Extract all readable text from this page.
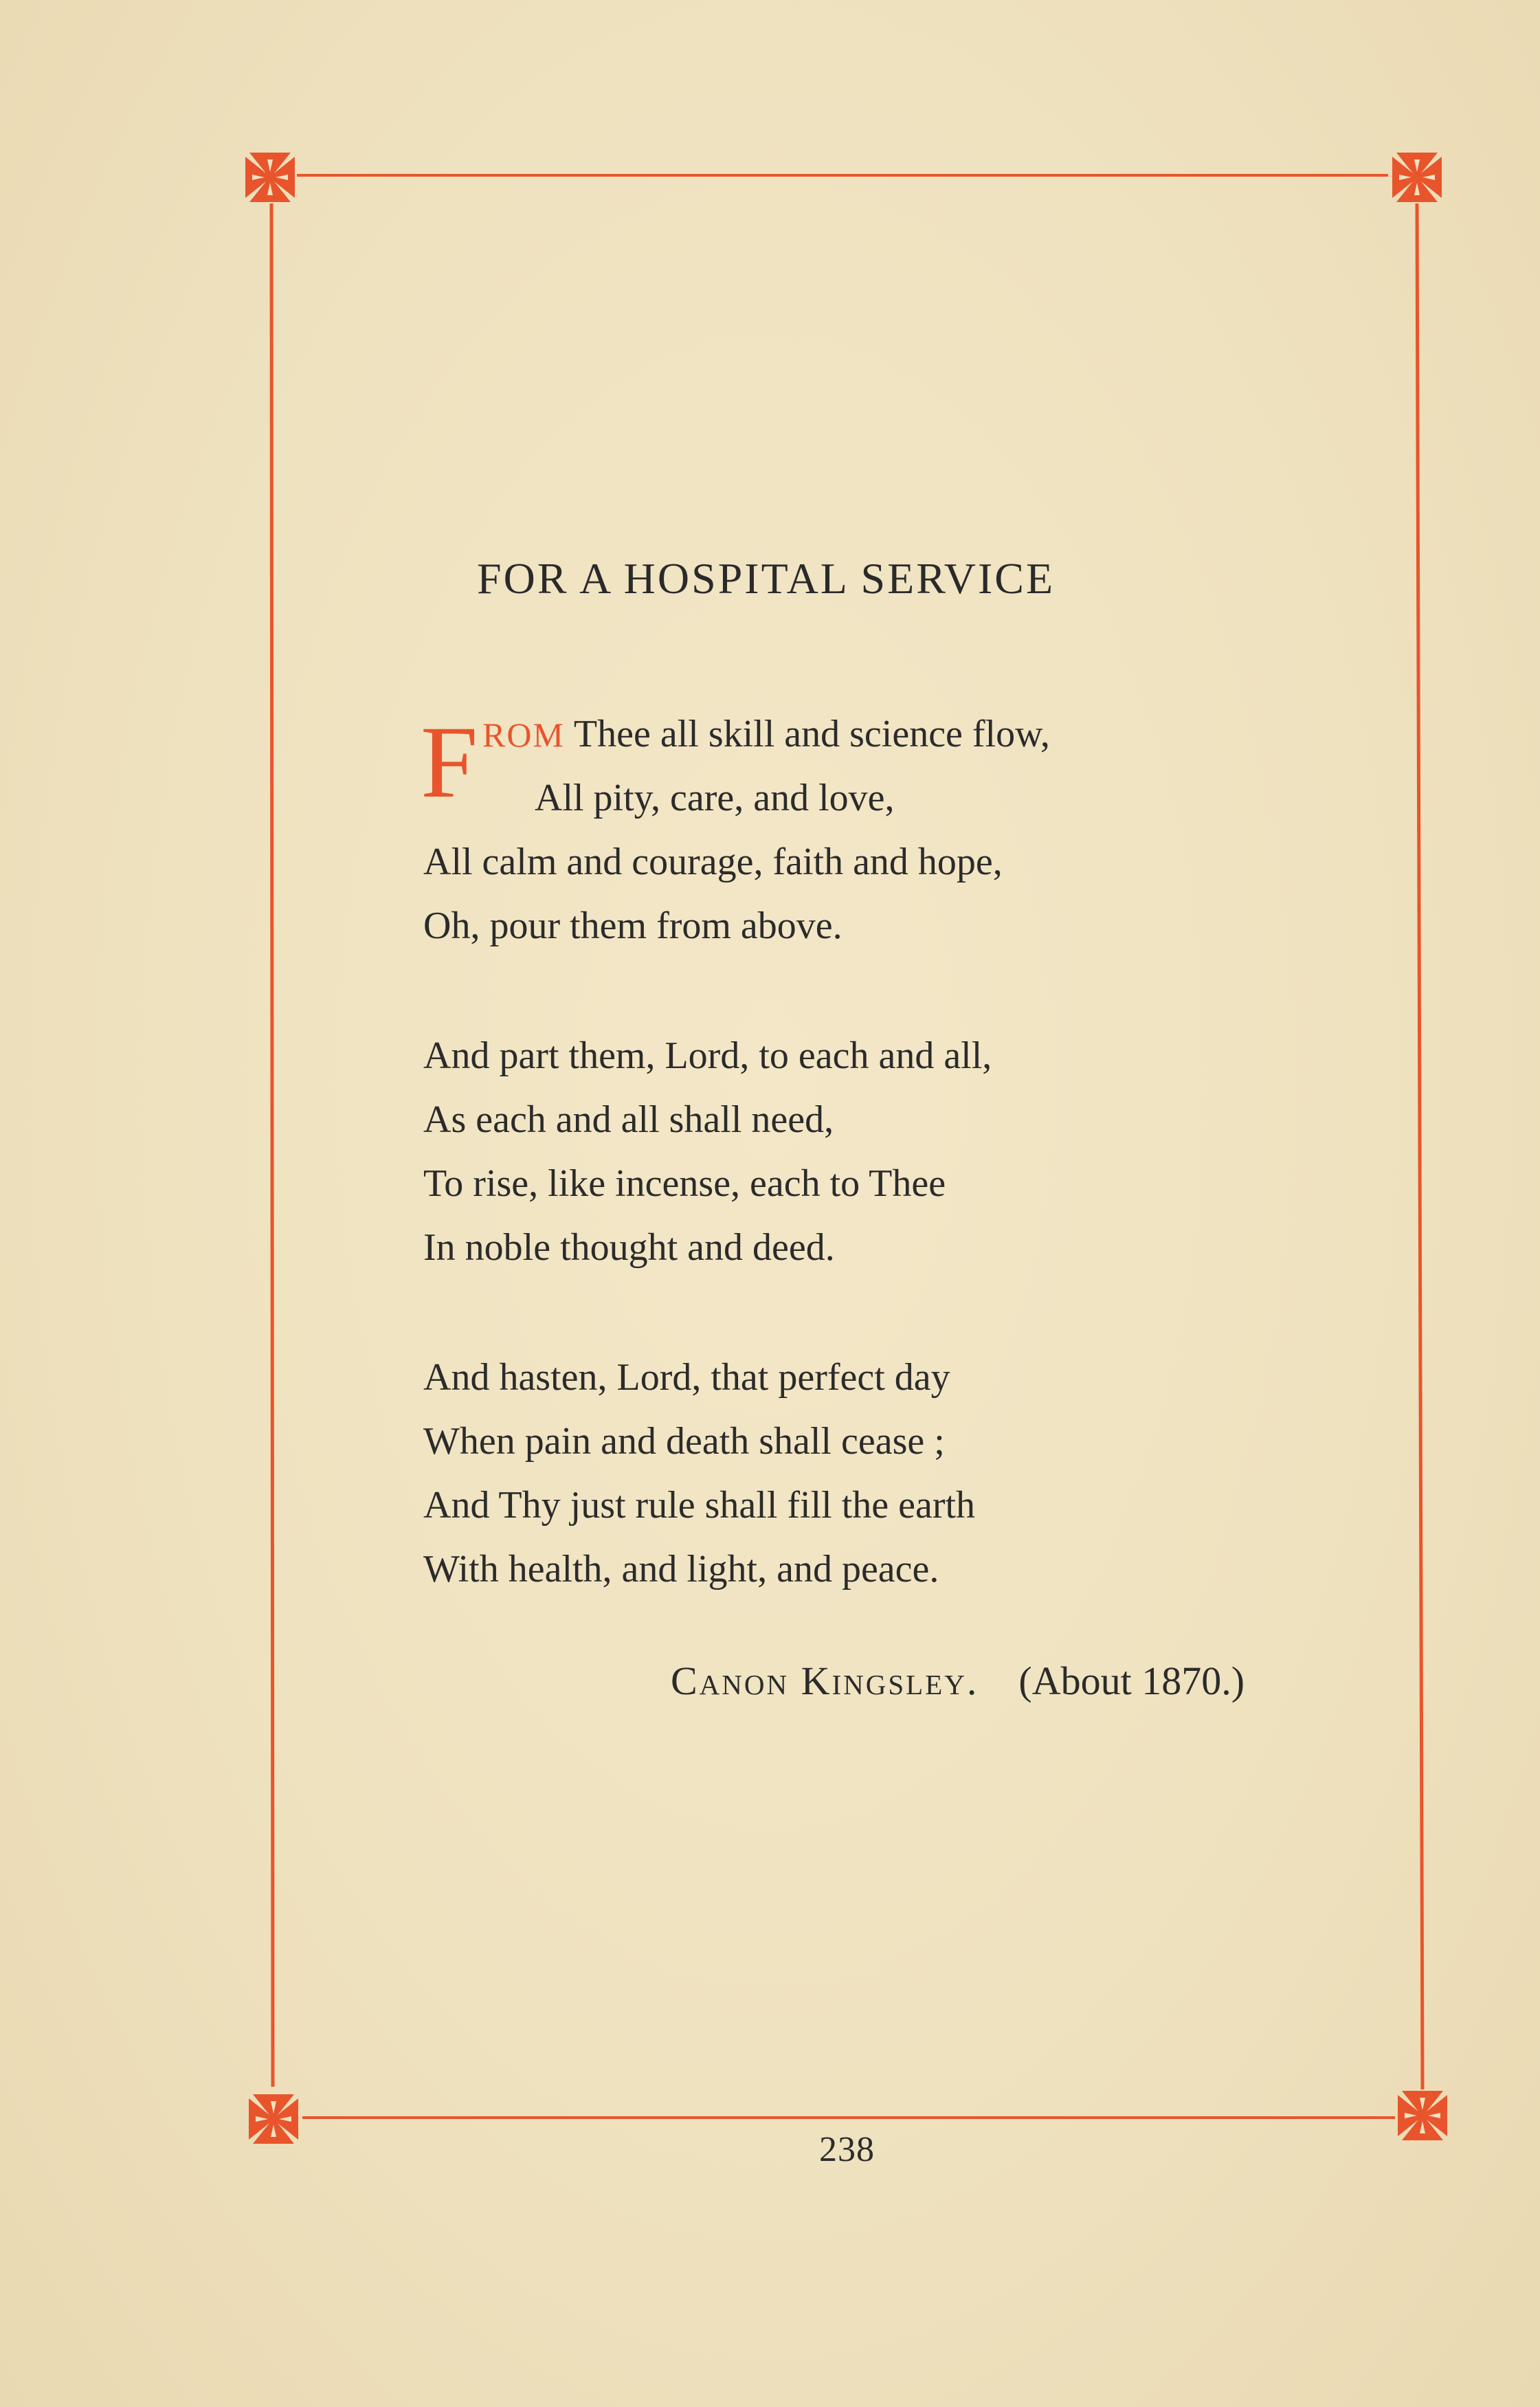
FOR A HOSPITAL SERVICE
F ROM Thee all skill and science flow,
All pity, care, and love,
All calm and courage, faith and hope,
Oh, pour them from above.
And part them, Lord, to each and all,
As each and all shall need,
To rise, like incense, each to Thee
In noble thought and deed.
And hasten, Lord, that perfect day
When pain and death shall cease ;
And Thy just rule shall fill the earth
With health, and light, and peace.
Canon Kingsley. (About 1870.)
238
